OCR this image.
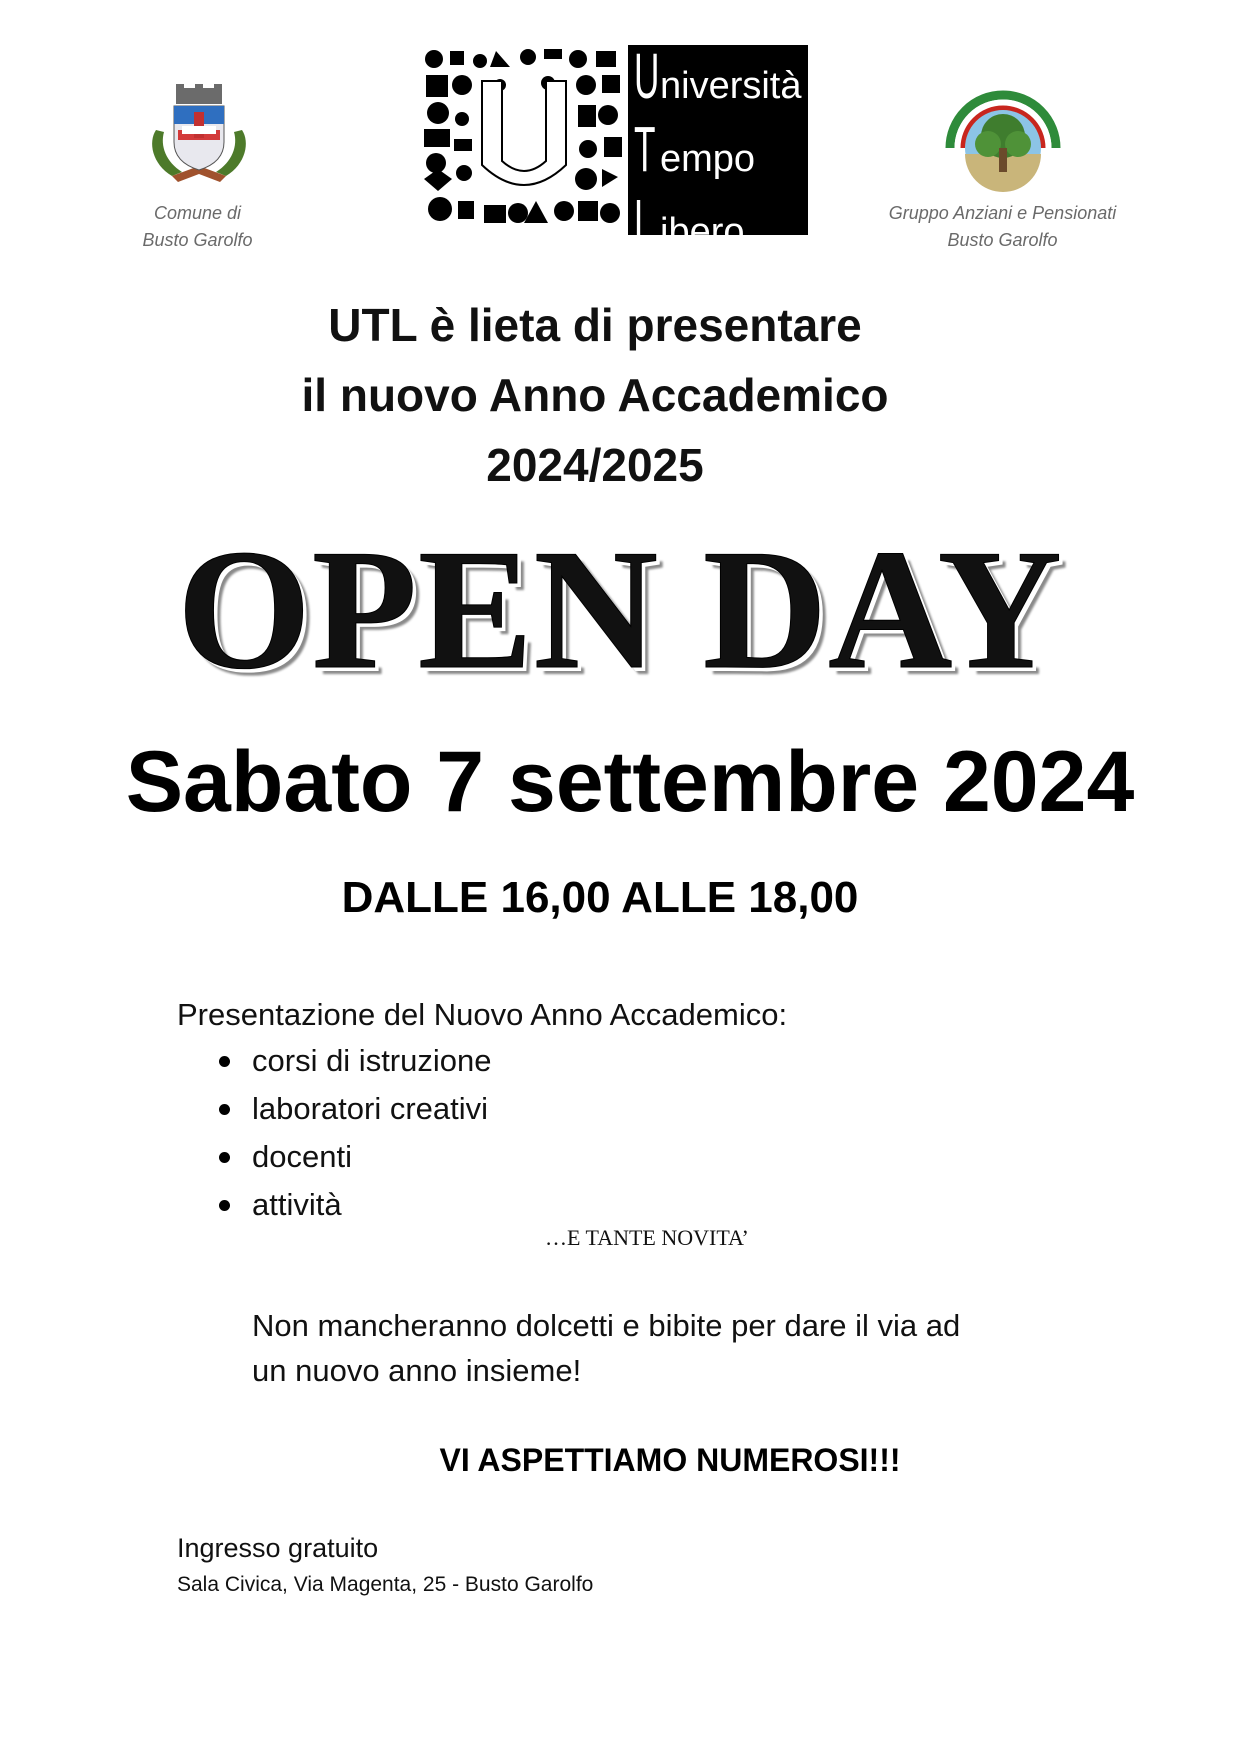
Comune di
Busto Garolfo
Università
Tempo
Libero	Gruppo Anziani e Pensionati
Busto Garolfo
UTL è lieta di presentare
il nuovo Anno Accademico
2024/2025
OPEN DAY
Sabato 7 settembre 2024
DALLE 16,00 ALLE 18,00
Presentazione del Nuovo Anno Accademico:
corsi di istruzione
laboratori creativi
docenti
attività
…E TANTE NOVITA’
Non mancheranno dolcetti e bibite per dare il via ad
un nuovo anno insieme!
VI ASPETTIAMO NUMEROSI!!!
Ingresso gratuito
Sala Civica, Via Magenta, 25 - Busto Garolfo
